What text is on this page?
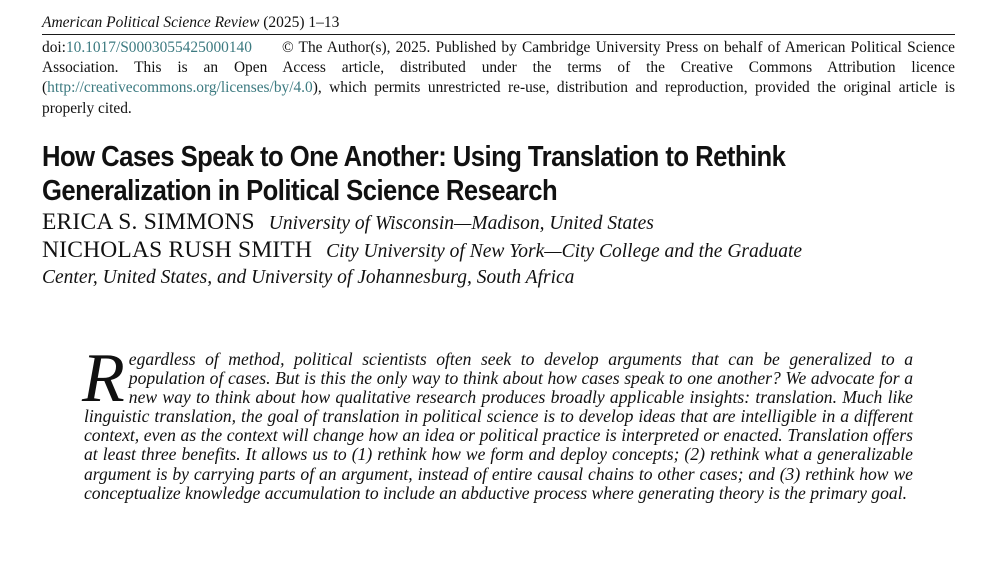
American Political Science Review (2025) 1–13
doi:10.1017/S0003055425000140 © The Author(s), 2025. Published by Cambridge University Press on behalf of American Political Science Association. This is an Open Access article, distributed under the terms of the Creative Commons Attribution licence (http://creativecommons.org/licenses/by/4.0), which permits unrestricted re-use, distribution and reproduction, provided the original article is properly cited.
How Cases Speak to One Another: Using Translation to Rethink
Generalization in Political Science Research
ERICA S. SIMMONS University of Wisconsin—Madison, United States
NICHOLAS RUSH SMITH City University of New York—City College and the Graduate
Center, United States, and University of Johannesburg, South Africa
Regardless of method, political scientists often seek to develop arguments that can be generalized to a population of cases. But is this the only way to think about how cases speak to one another? We advocate for a new way to think about how qualitative research produces broadly applicable insights: translation. Much like linguistic translation, the goal of translation in political science is to develop ideas that are intelligible in a different context, even as the context will change how an idea or political practice is interpreted or enacted. Translation offers at least three benefits. It allows us to (1) rethink how we form and deploy concepts; (2) rethink what a generalizable argument is by carrying parts of an argument, instead of entire causal chains to other cases; and (3) rethink how we conceptualize knowledge accumulation to include an abductive process where generating theory is the primary goal.
